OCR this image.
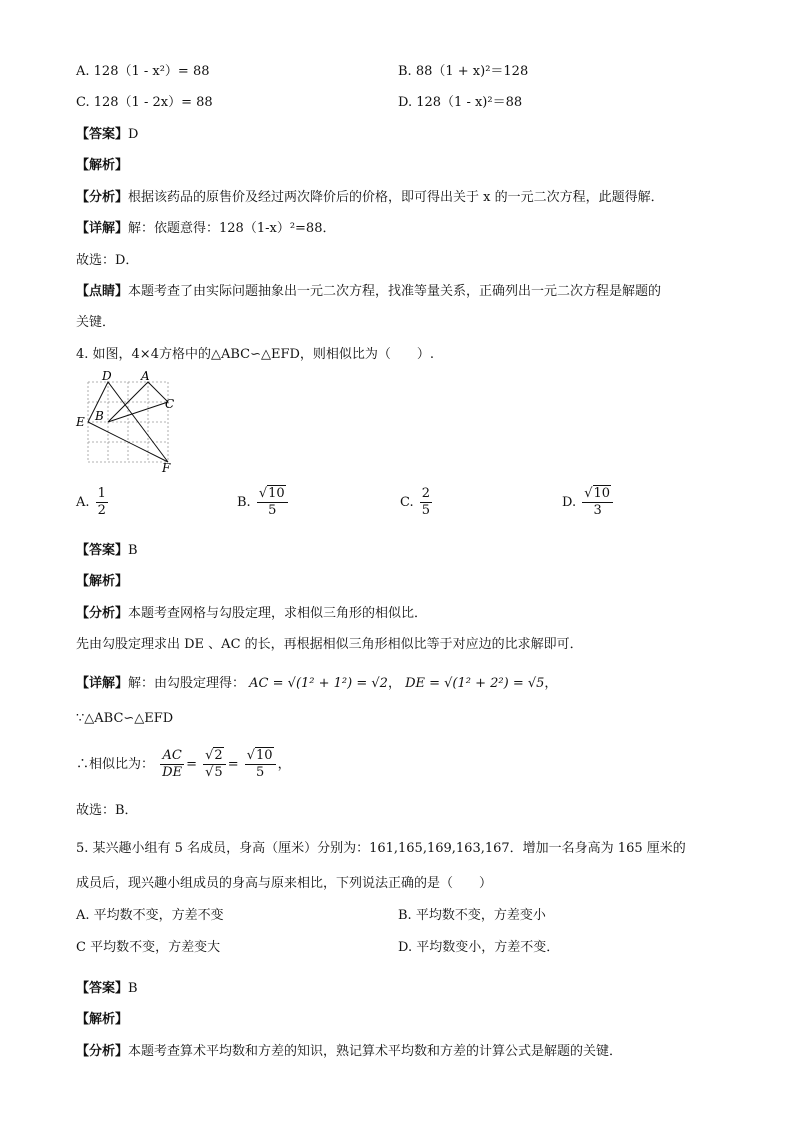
A. 128（1 - x²）= 88	B. 88（1 + x)²＝128
C. 128（1 - 2x）= 88	D. 128（1 - x)²＝88
【答案】D
【解析】
【分析】根据该药品的原售价及经过两次降价后的价格，即可得出关于 x 的一元二次方程，此题得解．
【详解】解：依题意得：128（1-x）²=88．
故选：D．
【点睛】本题考查了由实际问题抽象出一元二次方程，找准等量关系，正确列出一元二次方程是解题的
关键．
4. 如图，4×4方格中的△ABC∽△EFD，则相似比为（　　）.
D A
B
C
E
F
A. $\frac{1}{2}$	B. $\frac{√10}{5}$	C. $\frac{2}{5}$	D. $\frac{√10}{3}$
【答案】B
【解析】
【分析】本题考查网格与勾股定理，求相似三角形的相似比．
先由勾股定理求出 DE 、AC 的长，再根据相似三角形相似比等于对应边的比求解即可．
【详解】解：由勾股定理得： AC = √(1² + 1²) = √2， DE = √(1² + 2²) = √5，
∵△ABC∽△EFD
∴相似比为： $\frac{AC}{DE} = \frac{√2}{√5} = \frac{√10}{5}$ ，
故选：B．
5. 某兴趣小组有 5 名成员，身高（厘米）分别为：161,165,169,163,167．增加一名身高为 165 厘米的
成员后，现兴趣小组成员的身高与原来相比，下列说法正确的是（　　）
A. 平均数不变，方差不变	B. 平均数不变，方差变小
C 平均数不变，方差变大	D. 平均数变小，方差不变．
【答案】B
【解析】
【分析】本题考查算术平均数和方差的知识，熟记算术平均数和方差的计算公式是解题的关键．
